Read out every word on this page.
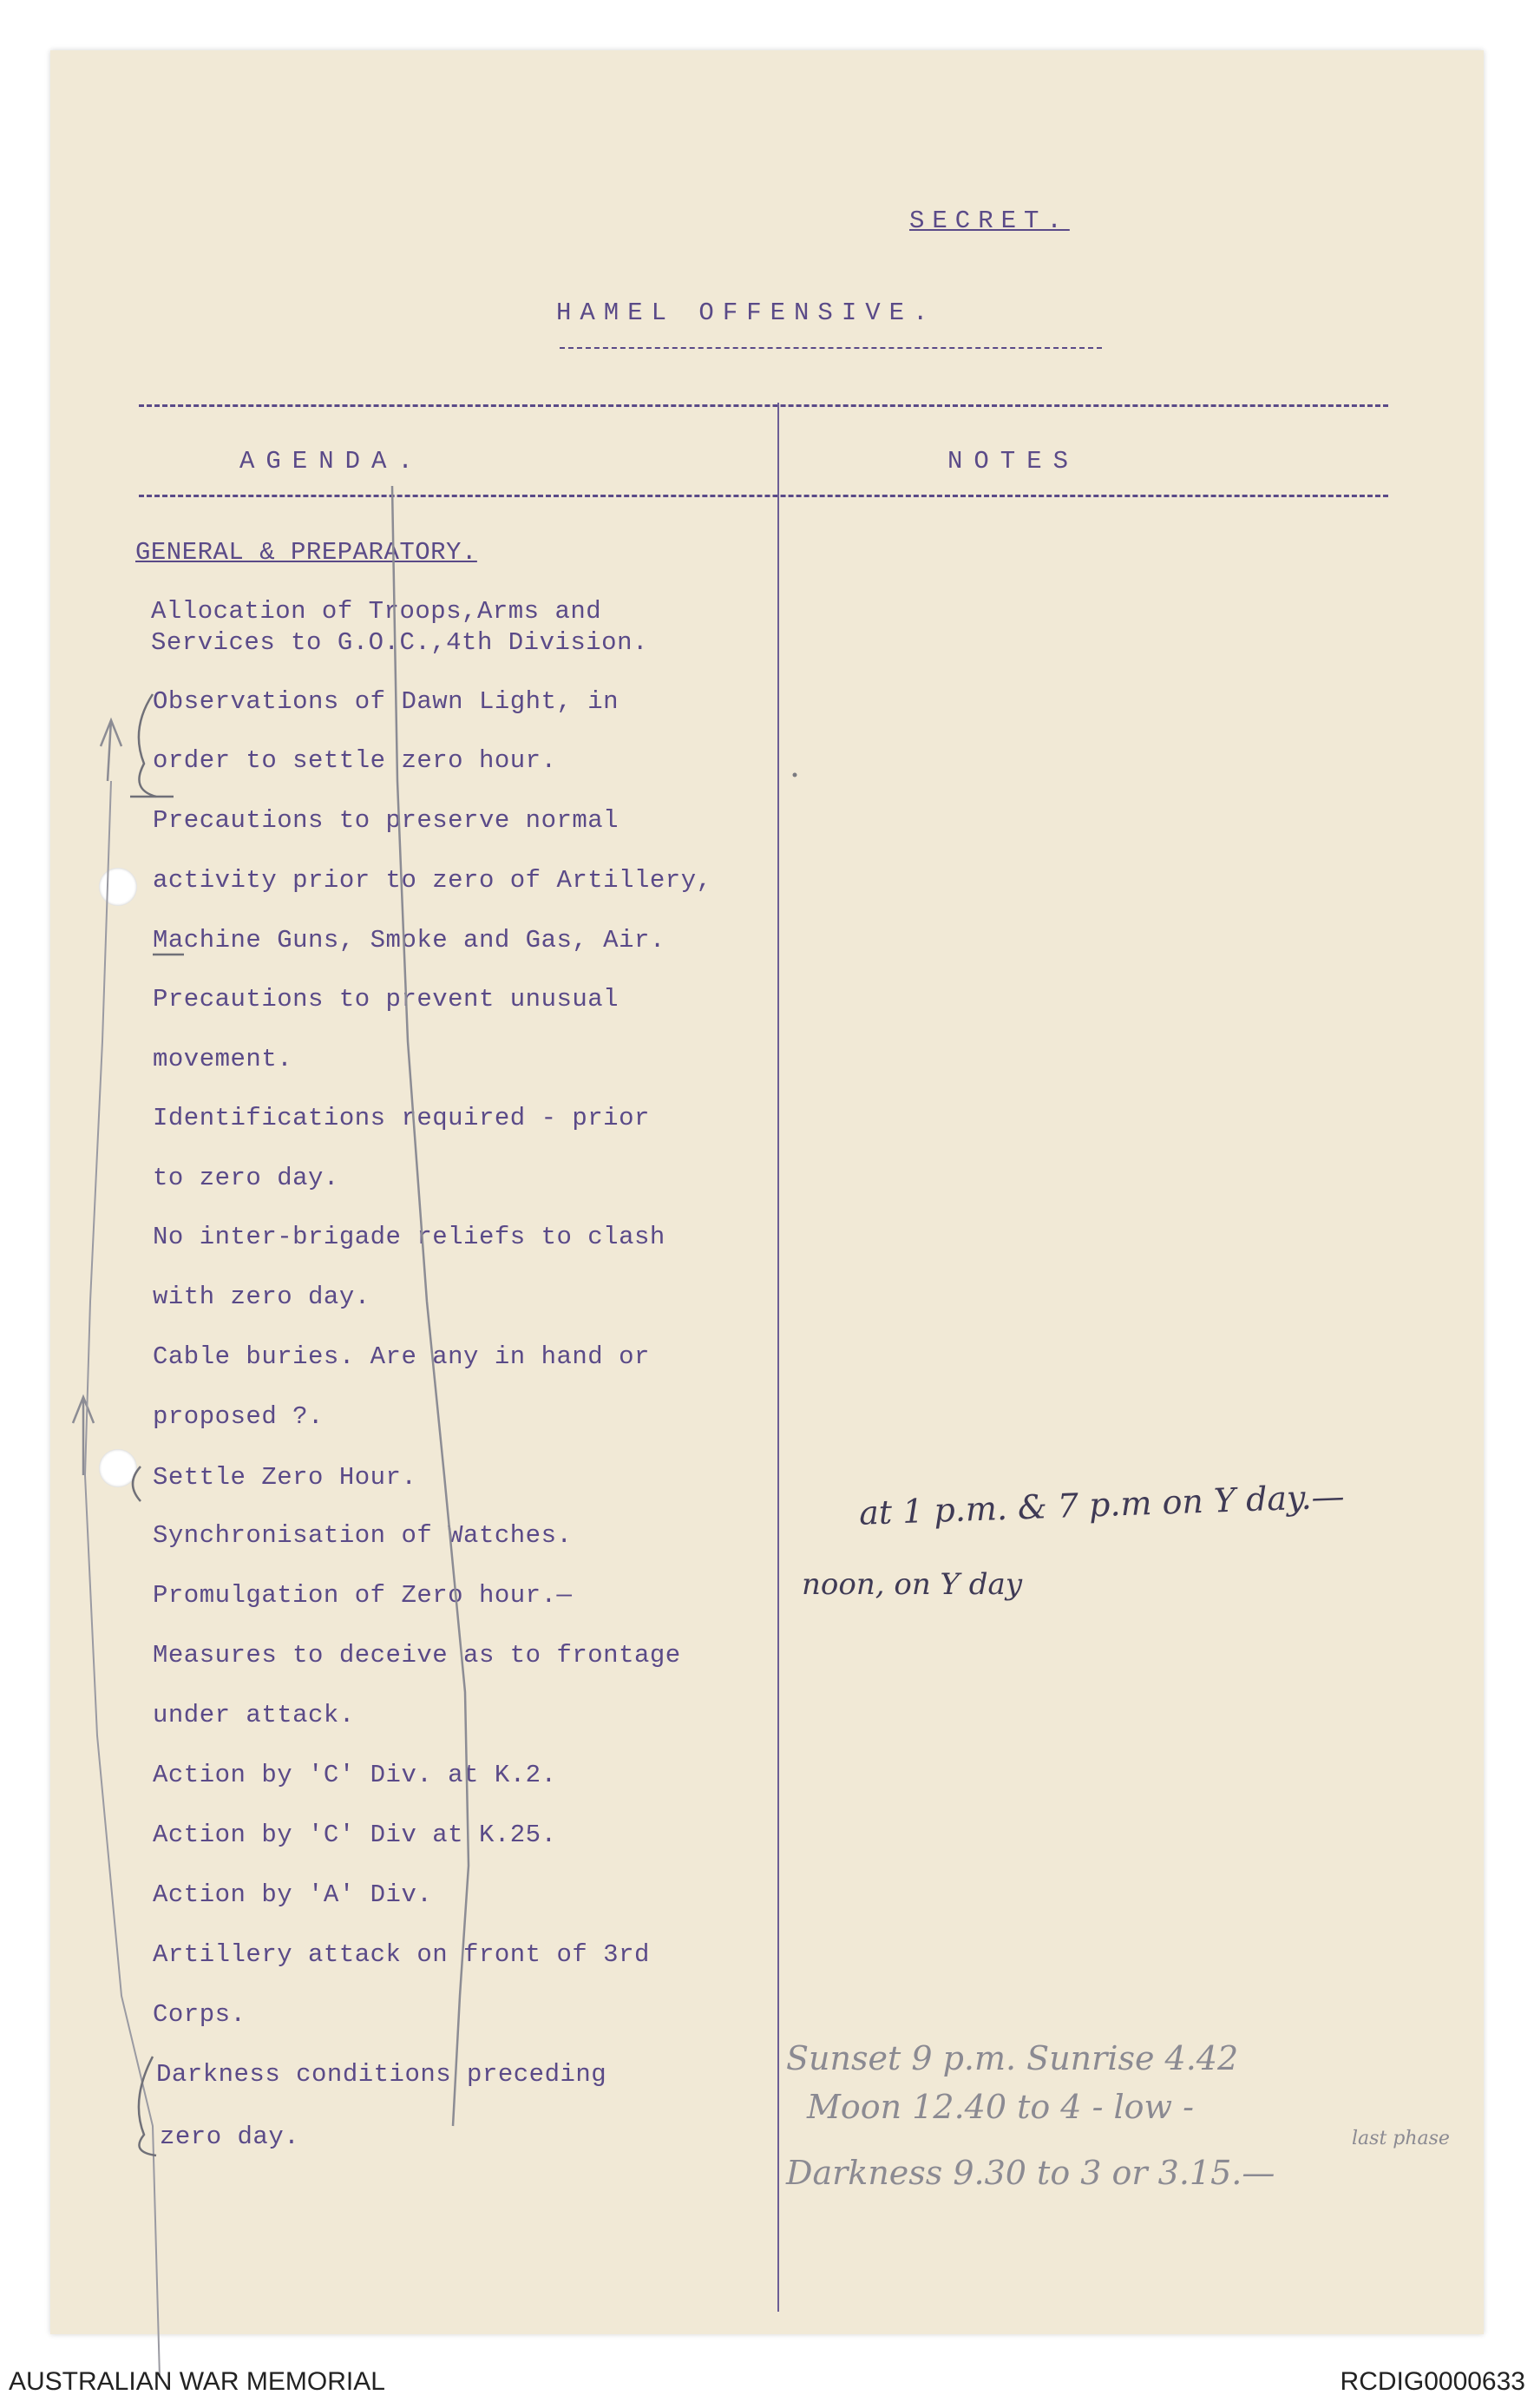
SECRET.
HAMEL OFFENSIVE.
AGENDA.	NOTES
GENERAL & PREPARATORY.
Allocation of Troops,Arms and
Services to G.O.C.,4th Division.
Observations of Dawn Light, in
order to settle zero hour.
Precautions to preserve normal
activity prior to zero of Artillery,
Machine Guns, Smoke and Gas, Air.
Precautions to prevent unusual
movement.
Identifications required - prior
to zero day.
No inter-brigade reliefs to clash
with zero day.
Cable buries. Are any in hand or
proposed ?.
Settle Zero Hour.
Synchronisation of Watches.
Promulgation of Zero hour.—
Measures to deceive as to frontage
under attack.
Action by 'C' Div. at K.2.
Action by 'C' Div at K.25.
Action by 'A' Div.
Artillery attack on front of 3rd
Corps.
Darkness conditions preceding
zero day.
at 1 p.m. & 7 p.m on Y day.—
noon, on Y day
Sunset 9 p.m. Sunrise 4.42
Moon 12.40 to 4 - low -
last phase
Darkness 9.30 to 3 or 3.15.—
AUSTRALIAN WAR MEMORIAL	RCDIG0000633
